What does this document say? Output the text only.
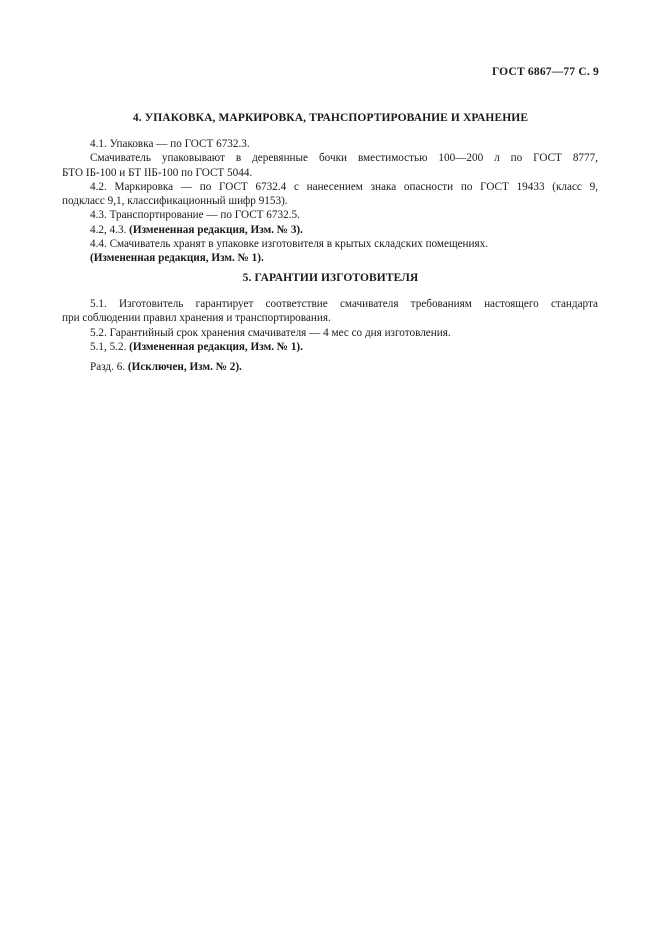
ГОСТ 6867—77 С. 9
4. УПАКОВКА, МАРКИРОВКА, ТРАНСПОРТИРОВАНИЕ И ХРАНЕНИЕ

4.1. Упаковка — по ГОСТ 6732.3.

Смачиватель упаковывают в деревянные бочки вместимостью 100—200 л по ГОСТ 8777,

БТО ІБ-100 и БТ ІІБ-100 по ГОСТ 5044.

4.2. Маркировка — по ГОСТ 6732.4 с нанесением знака опасности по ГОСТ 19433 (класс 9,

подкласс 9,1, классификационный шифр 9153).

4.3. Транспортирование — по ГОСТ 6732.5.

4.2, 4.3. (Измененная редакция, Изм. № 3).

4.4. Смачиватель хранят в упаковке изготовителя в крытых складских помещениях.

(Измененная редакция, Изм. № 1).

5. ГАРАНТИИ ИЗГОТОВИТЕЛЯ

5.1. Изготовитель гарантирует соответствие смачивателя требованиям настоящего стандарта

при соблюдении правил хранения и транспортирования.

5.2. Гарантийный срок хранения смачивателя — 4 мес со дня изготовления.

5.1, 5.2. (Измененная редакция, Изм. № 1).

Разд. 6. (Исключен, Изм. № 2).
